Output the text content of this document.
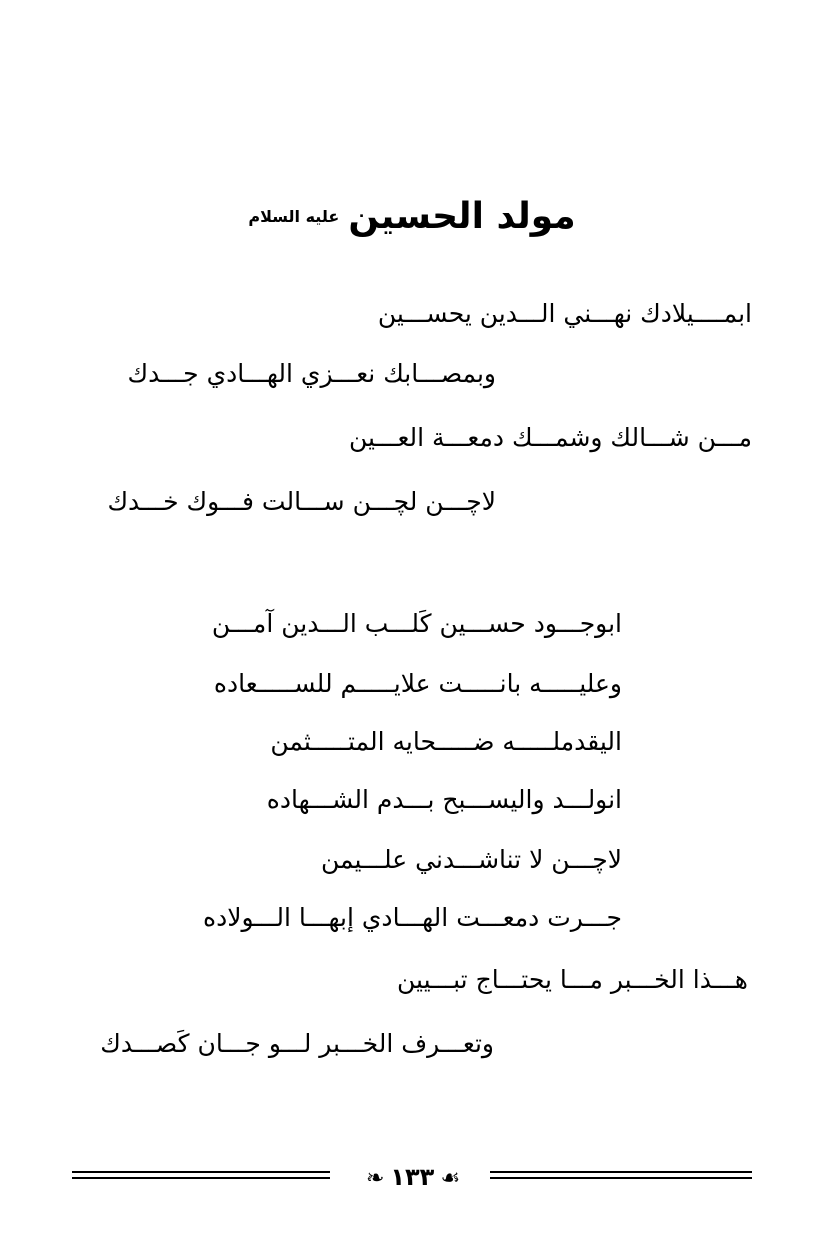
مولد الحسين عليه السلام
ابمــــيلادك نهـــني الـــدين يحســـين
وبمصـــابك نعـــزي الهـــادي جـــدك
مـــن شـــالك وشمـــك دمعـــة العـــين
لاچـــن لچـــن ســـالت فـــوك خـــدك
ابوجـــود حســـين كَلـــب الـــدين آمـــن
وعليـــــه بانـــــت علايـــــم للســـــعاده
اليقدملـــــه ضـــــحايه المتـــــثمن
انولـــد واليســـبح بـــدم الشـــهاده
لاچـــن لا تناشـــدني علـــيمن
جـــرت دمعـــت الهـــادي إبهـــا الـــولاده
هـــذا الخـــبر مـــا يحتـــاج تبـــيين
وتعـــرف الخـــبر لـــو جـــان كَصـــدك
❧ ١٣٣ ☙
